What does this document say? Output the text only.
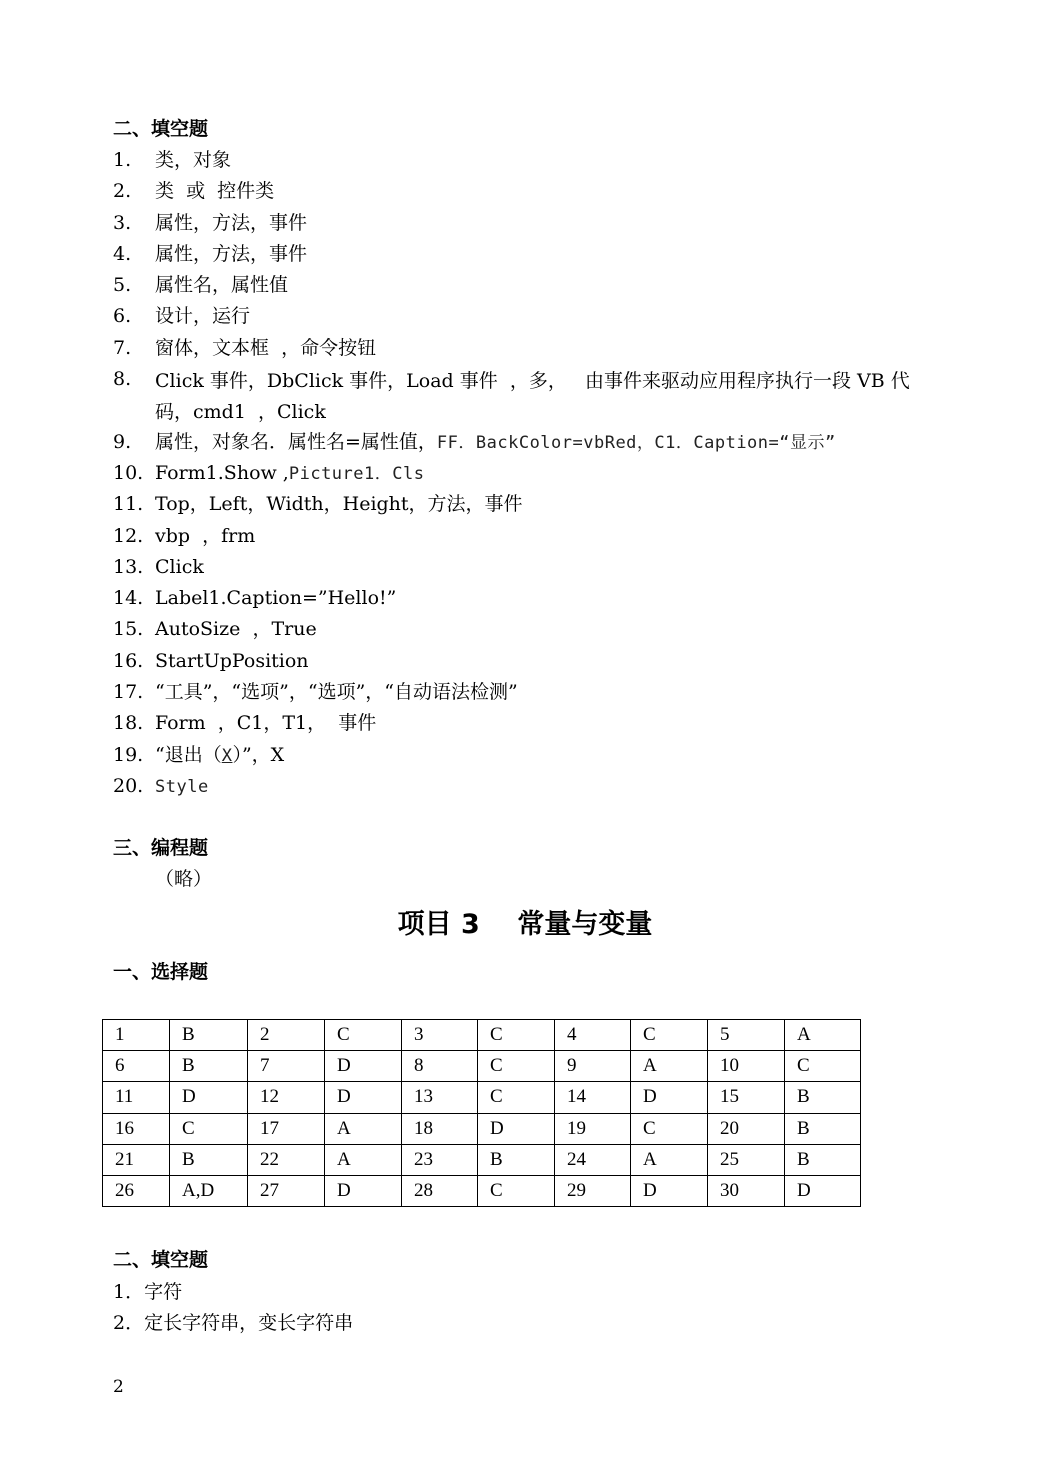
二、填空题
1. 类，对象
2. 类  或  控件类
3. 属性，方法，事件
4. 属性，方法，事件
5. 属性名，属性值
6. 设计，运行
7. 窗体，文本框  ，命令按钮
8. Click 事件，DbClick 事件，Load 事件  ，多，   由事件来驱动应用程序执行一段 VB 代码，cmd1  ，Click
9. 属性，对象名．属性名=属性值，FF．BackColor=vbRed，C1．Caption=“显示”
10. Form1.Show ,Picture1．Cls
11. Top，Left，Width，Height，方法，事件
12. vbp  ，frm
13. Click
14. Label1.Caption=”Hello!”
15. AutoSize  ，True
16. StartUpPosition
17. “工具”，“选项”，“选项”，“自动语法检测”
18. Form  ，C1，T1，  事件
19. “退出（X）”，X
20. Style
三、编程题
（略）
项目 3    常量与变量
一、选择题
1	B	2	C	3	C	4	C	5	A
6	B	7	D	8	C	9	A	10	C
11	D	12	D	13	C	14	D	15	B
16	C	17	A	18	D	19	C	20	B
21	B	22	A	23	B	24	A	25	B
26	A,D	27	D	28	C	29	D	30	D
二、填空题
1．字符
2．定长字符串，变长字符串
2
